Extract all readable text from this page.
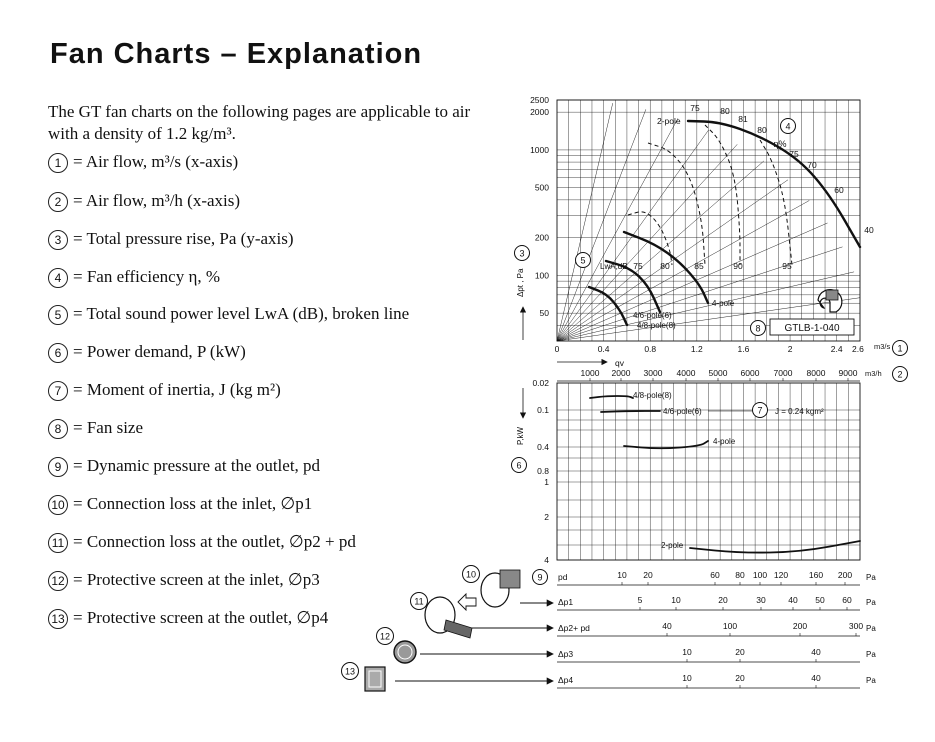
Fan Charts – Explanation
The GT fan charts on the following pages are applicable to air with a density of 1.2 kg/m³.
1 = Air flow, m³/s (x-axis)
2 = Air flow, m³/h (x-axis)
3 = Total pressure rise, Pa (y-axis)
4 = Fan efficiency η, %
5 = Total sound power level LwA (dB), broken line
6 = Power demand, P (kW)
7 = Moment of inertia, J (kg m²)
8 = Fan size
9 = Dynamic pressure at the outlet, pd
10 = Connection loss at the inlet, ∅p1
11 = Connection loss at the outlet, ∅p2 + pd
12 = Protective screen at the inlet, ∅p3
13 = Protective screen at the outlet, ∅p4
50
100
200
500
1000
2000
2500
0	0.4	0.8	1.2	1.6	2	2.4 2.6 m3/s 1
Δpt , Pa
3
qv
1000 2000 3000 4000 5000 6000 7000 8000 9000 m3/h 2
75 80
81
80
75
70
60
40
η%
4
2-pole
5
LwA,dB 75 80	85	90	95
4-pole
4/6-pole(6)
4/8-pole(8)	8 GTLB-1-040
0.02
0.1
0.4
0.8
1
2
4
P,kW
6
4/8-pole(8)
4/6-pole(6)
4-pole
2-pole
7 J = 0.24 kgm²
9 pd	10 20	60 80 100 120 160 200 Pa
Δp1	5	10	20	30	40 50 60 Pa
Δp2+ pd	40	100	200	300 Pa
Δp3	10	20	40	Pa
Δp4	10	20	40	Pa
10
11
12
13
